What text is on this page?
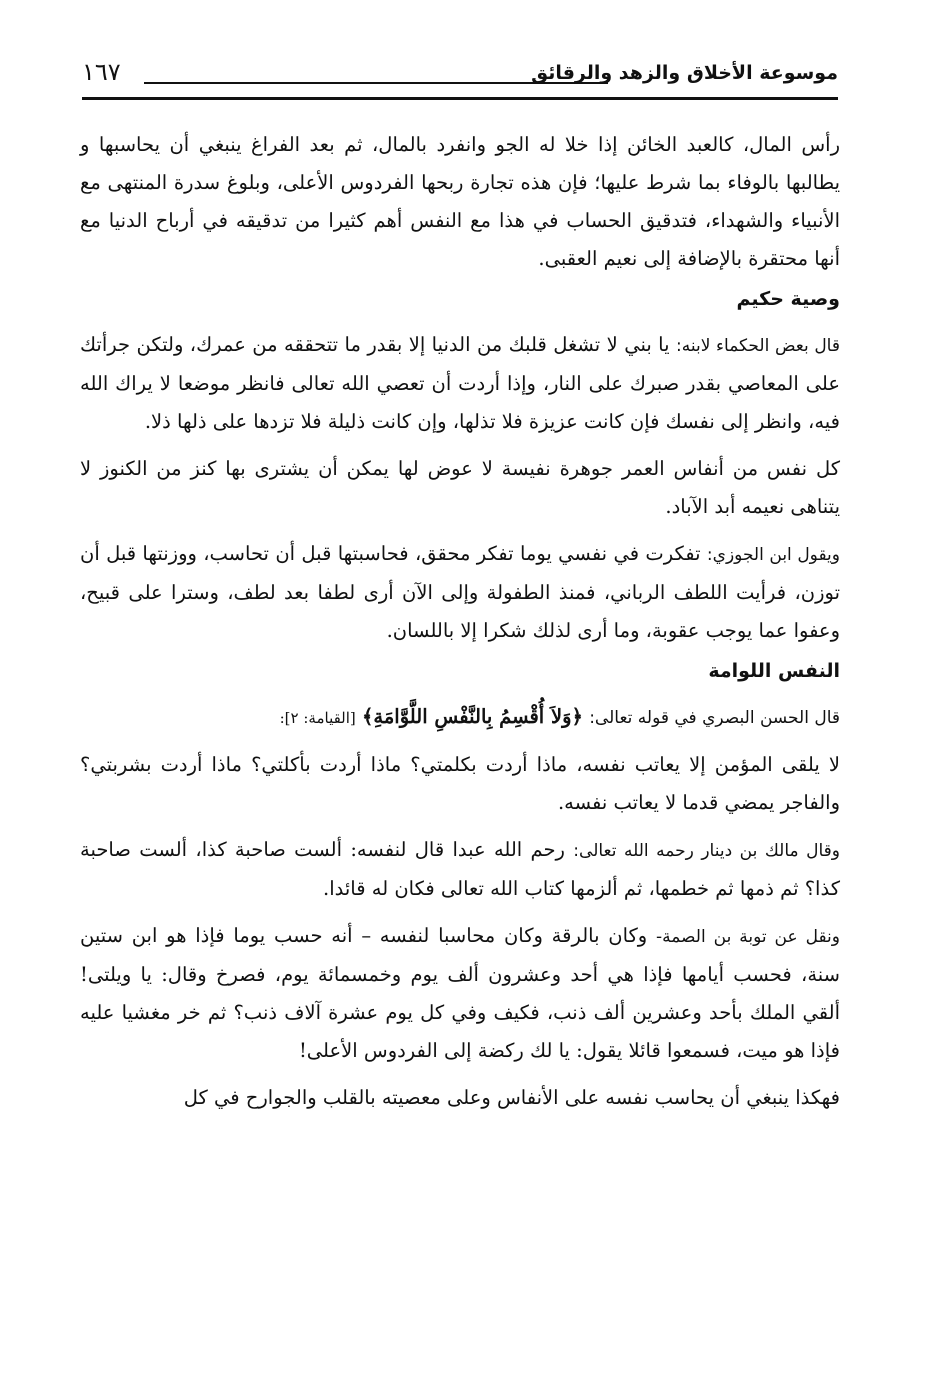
موسوعة الأخلاق والزهد والرقائق
١٦٧

رأس المال، كالعبد الخائن إذا خلا له الجو وانفرد بالمال، ثم بعد الفراغ ينبغي أن يحاسبها و يطالبها بالوفاء بما شرط عليها؛ فإن هذه تجارة ربحها الفردوس الأعلى، وبلوغ سدرة المنتهى مع الأنبياء والشهداء، فتدقيق الحساب في هذا مع النفس أهم كثيرا من تدقيقه في أرباح الدنيا مع أنها محتقرة بالإضافة إلى نعيم العقبى.

وصية حكيم

قال بعض الحكماء لابنه: يا بني لا تشغل قلبك من الدنيا إلا بقدر ما تتحققه من عمرك، ولتكن جرأتك على المعاصي بقدر صبرك على النار، وإذا أردت أن تعصي الله تعالى فانظر موضعا لا يراك الله فيه، وانظر إلى نفسك فإن كانت عزيزة فلا تذلها، وإن كانت ذليلة فلا تزدها على ذلها ذلا.

كل نفس من أنفاس العمر جوهرة نفيسة لا عوض لها يمكن أن يشترى بها كنز من الكنوز لا يتناهى نعيمه أبد الآباد.

ويقول ابن الجوزي: تفكرت في نفسي يوما تفكر محقق، فحاسبتها قبل أن تحاسب، ووزنتها قبل أن توزن، فرأيت اللطف الرباني، فمنذ الطفولة وإلى الآن أرى لطفا بعد لطف، وسترا على قبيح، وعفوا عما يوجب عقوبة، وما أرى لذلك شكرا إلا باللسان.

النفس اللوامة

قال الحسن البصري في قوله تعالى: ﴿وَلاَ أُقْسِمُ بِالنَّفْسِ اللَّوَّامَةِ﴾ [القيامة: ٢]:

لا يلقى المؤمن إلا يعاتب نفسه، ماذا أردت بكلمتي؟ ماذا أردت بأكلتي؟ ماذا أردت بشربتي؟ والفاجر يمضي قدما لا يعاتب نفسه.

وقال مالك بن دينار رحمه الله تعالى: رحم الله عبدا قال لنفسه: ألست صاحبة كذا، ألست صاحبة كذا؟ ثم ذمها ثم خطمها، ثم ألزمها كتاب الله تعالى فكان له قائدا.

ونقل عن توبة بن الصمة- وكان بالرقة وكان محاسبا لنفسه – أنه حسب يوما فإذا هو ابن ستين سنة، فحسب أيامها فإذا هي أحد وعشرون ألف يوم وخمسمائة يوم، فصرخ وقال: يا ويلتى! ألقي الملك بأحد وعشرين ألف ذنب، فكيف وفي كل يوم عشرة آلاف ذنب؟ ثم خر مغشيا عليه فإذا هو ميت، فسمعوا قائلا يقول: يا لك ركضة إلى الفردوس الأعلى!

فهكذا ينبغي أن يحاسب نفسه على الأنفاس وعلى معصيته بالقلب والجوارح في كل
